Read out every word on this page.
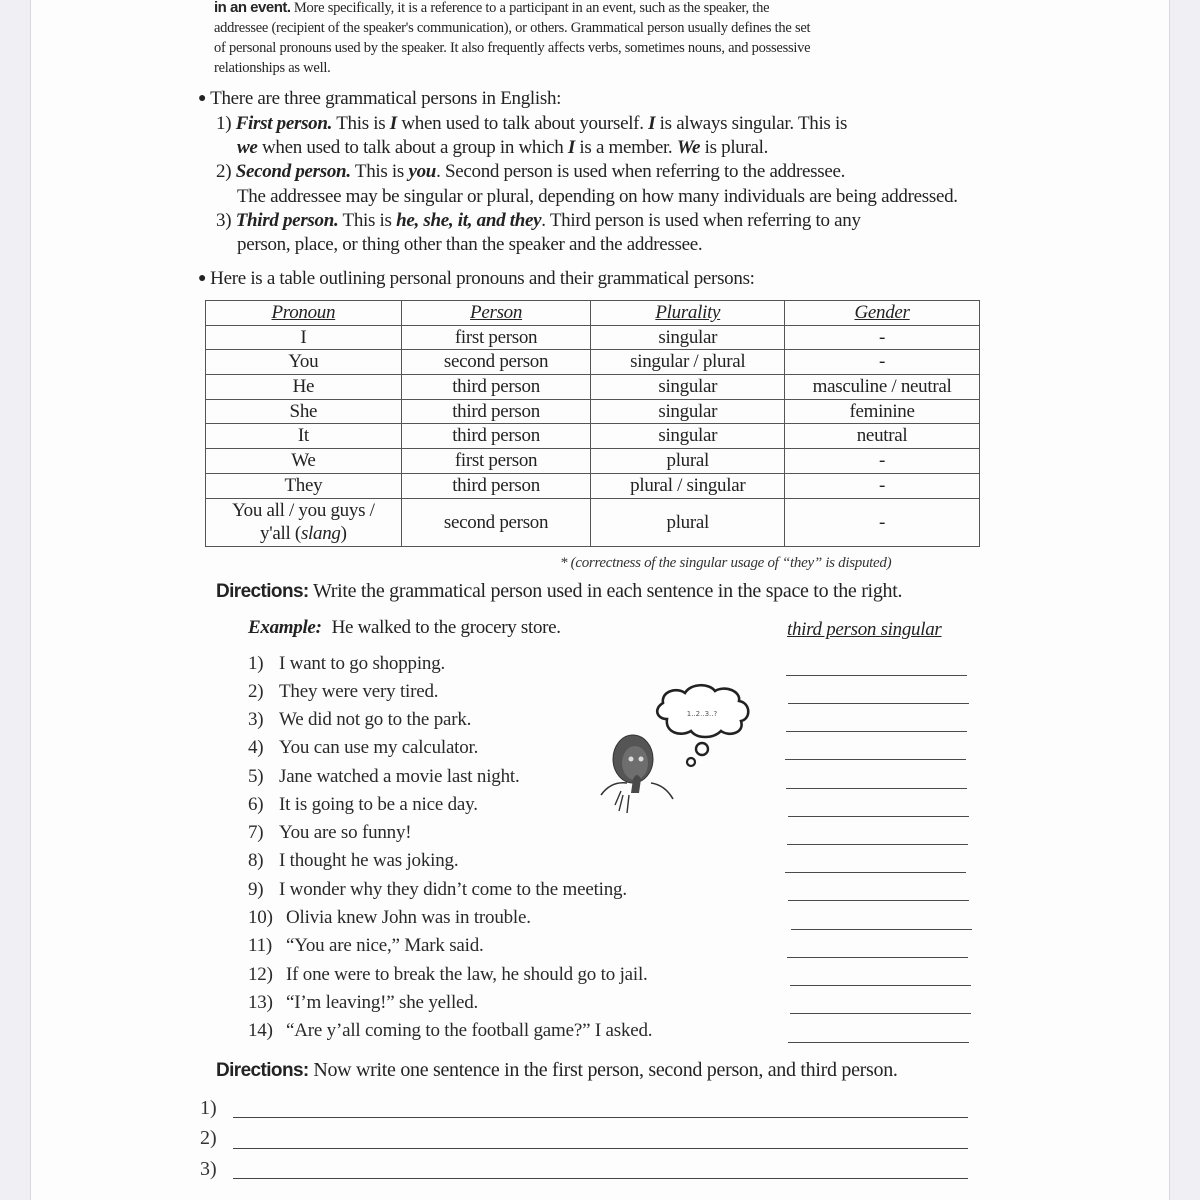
in an event. More specifically, it is a reference to a participant in an event, such as the speaker, the
addressee (recipient of the speaker's communication), or others. Grammatical person usually defines the set
of personal pronouns used by the speaker. It also frequently affects verbs, sometimes nouns, and possessive
relationships as well.
● There are three grammatical persons in English:
1) First person. This is I when used to talk about yourself. I is always singular. This is
we when used to talk about a group in which I is a member. We is plural.
2) Second person. This is you. Second person is used when referring to the addressee.
The addressee may be singular or plural, depending on how many individuals are being addressed.
3) Third person. This is he, she, it, and they. Third person is used when referring to any
person, place, or thing other than the speaker and the addressee.
● Here is a table outlining personal pronouns and their grammatical persons:
Pronoun	Person	Plurality	Gender
I	first person	singular	-
You	second person	singular / plural	-
He	third person	singular	masculine / neutral
She	third person	singular	feminine
It	third person	singular	neutral
We	first person	plural	-
They	third person	plural / singular	-

You all / you guys /
y'all (slang)	second person	plural	-
* (correctness of the singular usage of “they” is disputed)
Directions: Write the grammatical person used in each sentence in the space to the right.
Example: He walked to the grocery store.	third person singular
1) I want to go shopping.
2) They were very tired.
3) We did not go to the park.
4) You can use my calculator.
5) Jane watched a movie last night.
6) It is going to be a nice day.
7) You are so funny!
8) I thought he was joking.
9) I wonder why they didn’t come to the meeting.
10) Olivia knew John was in trouble.
11) “You are nice,” Mark said.
12) If one were to break the law, he should go to jail.
13) “I’m leaving!” she yelled.
14) “Are y’all coming to the football game?” I asked.
1..2..3..?
Directions: Now write one sentence in the first person, second person, and third person.
1)
2)
3)
